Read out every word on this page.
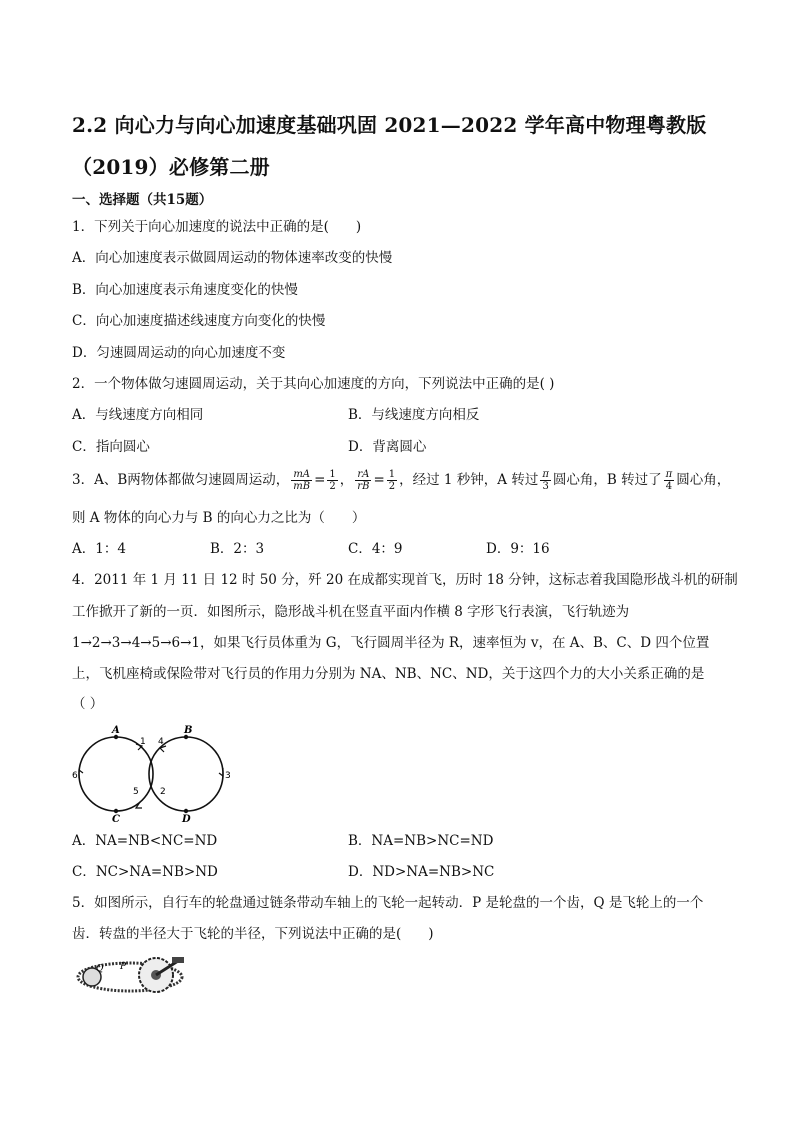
2.2 向心力与向心加速度基础巩固 2021—2022 学年高中物理粤教版（2019）必修第二册
一、选择题（共15题）
1．下列关于向心加速度的说法中正确的是(　　)
A．向心加速度表示做圆周运动的物体速率改变的快慢
B．向心加速度表示角速度变化的快慢
C．向心加速度描述线速度方向变化的快慢
D．匀速圆周运动的向心加速度不变
2．一个物体做匀速圆周运动，关于其向心加速度的方向，下列说法中正确的是( )
A．与线速度方向相同	B．与线速度方向相反
C．指向圆心	D．背离圆心
3．A、B两物体都做匀速圆周运动， $\frac{mA}{mB} = \frac{1}{2}$ ， $\frac{rA}{rB} = \frac{1}{2}$ ，经过 1 秒钟，A 转过 $\frac{\pi}{3}$ 圆心角，B 转过了 $\frac{\pi}{4}$ 圆心角，
则 A 物体的向心力与 B 的向心力之比为（　　）
A．1：4	B．2：3	C．4：9	D．9：16
4．2011 年 1 月 11 日 12 时 50 分，歼 20 在成都实现首飞，历时 18 分钟，这标志着我国隐形战斗机的研制
工作掀开了新的一页．如图所示，隐形战斗机在竖直平面内作横 8 字形飞行表演，飞行轨迹为
1→2→3→4→5→6→1，如果飞行员体重为 G，飞行圆周半径为 R，速率恒为 v，在 A、B、C、D 四个位置
上，飞机座椅或保险带对飞行员的作用力分别为 NA、NB、NC、ND，关于这四个力的大小关系正确的是
（ ）
A	B
C	D
1
2
3
4
5
6
A．NA=NB<NC=ND	B．NA=NB>NC=ND
C．NC>NA=NB>ND	D．ND>NA=NB>NC
5．如图所示，自行车的轮盘通过链条带动车轴上的飞轮一起转动．P 是轮盘的一个齿，Q 是飞轮上的一个
齿．转盘的半径大于飞轮的半径，下列说法中正确的是(　　)
Q P
